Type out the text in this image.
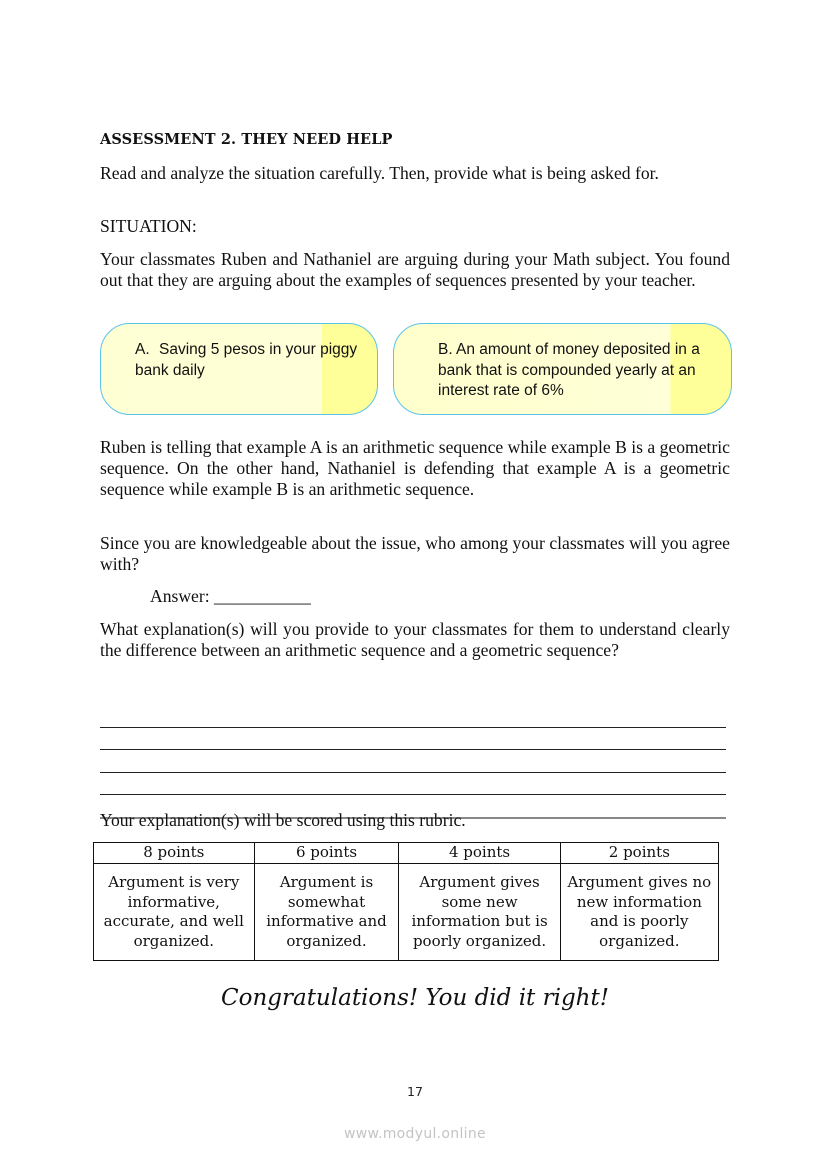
ASSESSMENT 2. THEY NEED HELP
Read and analyze the situation carefully. Then, provide what is being asked for.
SITUATION:
Your classmates Ruben and Nathaniel are arguing during your Math subject. You found out that they are arguing about the examples of sequences presented by your teacher.
A. Saving 5 pesos in your piggy bank daily
B. An amount of money deposited in a bank that is compounded yearly at an interest rate of 6%
Ruben is telling that example A is an arithmetic sequence while example B is a geometric sequence. On the other hand, Nathaniel is defending that example A is a geometric sequence while example B is an arithmetic sequence.
Since you are knowledgeable about the issue, who among your classmates will you agree with?
Answer: ___________
What explanation(s) will you provide to your classmates for them to understand clearly the difference between an arithmetic sequence and a geometric sequence?
Your explanation(s) will be scored using this rubric.
8 points	6 points	4 points	2 points
Argument is very informative, accurate, and well organized.	Argument is somewhat informative and organized.	Argument gives some new information but is poorly organized.	Argument gives no new information and is poorly organized.
Congratulations! You did it right!
17
www.modyul.online
